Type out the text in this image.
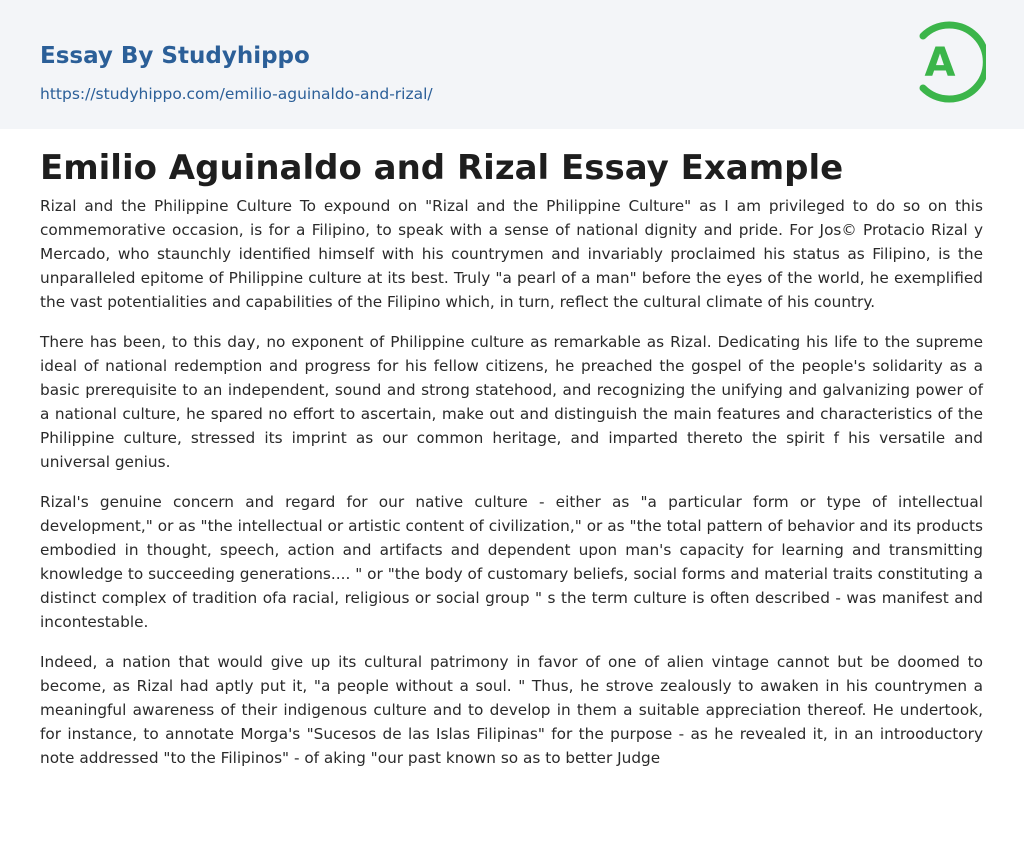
Essay By Studyhippo
https://studyhippo.com/emilio-aguinaldo-and-rizal/
A
Emilio Aguinaldo and Rizal Essay Example

Rizal and the Philippine Culture To expound on "Rizal and the Philippine Culture" as I am privileged to do so on this commemorative occasion, is for a Filipino, to speak with a sense of national dignity and pride. For Jos© Protacio Rizal y Mercado, who staunchly identified himself with his countrymen and invariably proclaimed his status as Filipino, is the unparalleled epitome of Philippine culture at its best. Truly "a pearl of a man" before the eyes of the world, he exemplified the vast potentialities and capabilities of the Filipino which, in turn, reflect the cultural climate of his country.

There has been, to this day, no exponent of Philippine culture as remarkable as Rizal. Dedicating his life to the supreme ideal of national redemption and progress for his fellow citizens, he preached the gospel of the people's solidarity as a basic prerequisite to an independent, sound and strong statehood, and recognizing the unifying and galvanizing power of a national culture, he spared no effort to ascertain, make out and distinguish the main features and characteristics of the Philippine culture, stressed its imprint as our common heritage, and imparted thereto the spirit f his versatile and universal genius.

Rizal's genuine concern and regard for our native culture - either as "a particular form or type of intellectual development," or as "the intellectual or artistic content of civilization," or as "the total pattern of behavior and its products embodied in thought, speech, action and artifacts and dependent upon man's capacity for learning and transmitting knowledge to succeeding generations.... " or "the body of customary beliefs, social forms and material traits constituting a distinct complex of tradition ofa racial, religious or social group " s the term culture is often described - was manifest and incontestable.

Indeed, a nation that would give up its cultural patrimony in favor of one of alien vintage cannot but be doomed to become, as Rizal had aptly put it, "a people without a soul. " Thus, he strove zealously to awaken in his countrymen a meaningful awareness of their indigenous culture and to develop in them a suitable appreciation thereof. He undertook, for instance, to annotate Morga's "Sucesos de las Islas Filipinas" for the purpose - as he revealed it, in an introoductory note addressed "to the Filipinos" - of aking "our past known so as to better Judge
